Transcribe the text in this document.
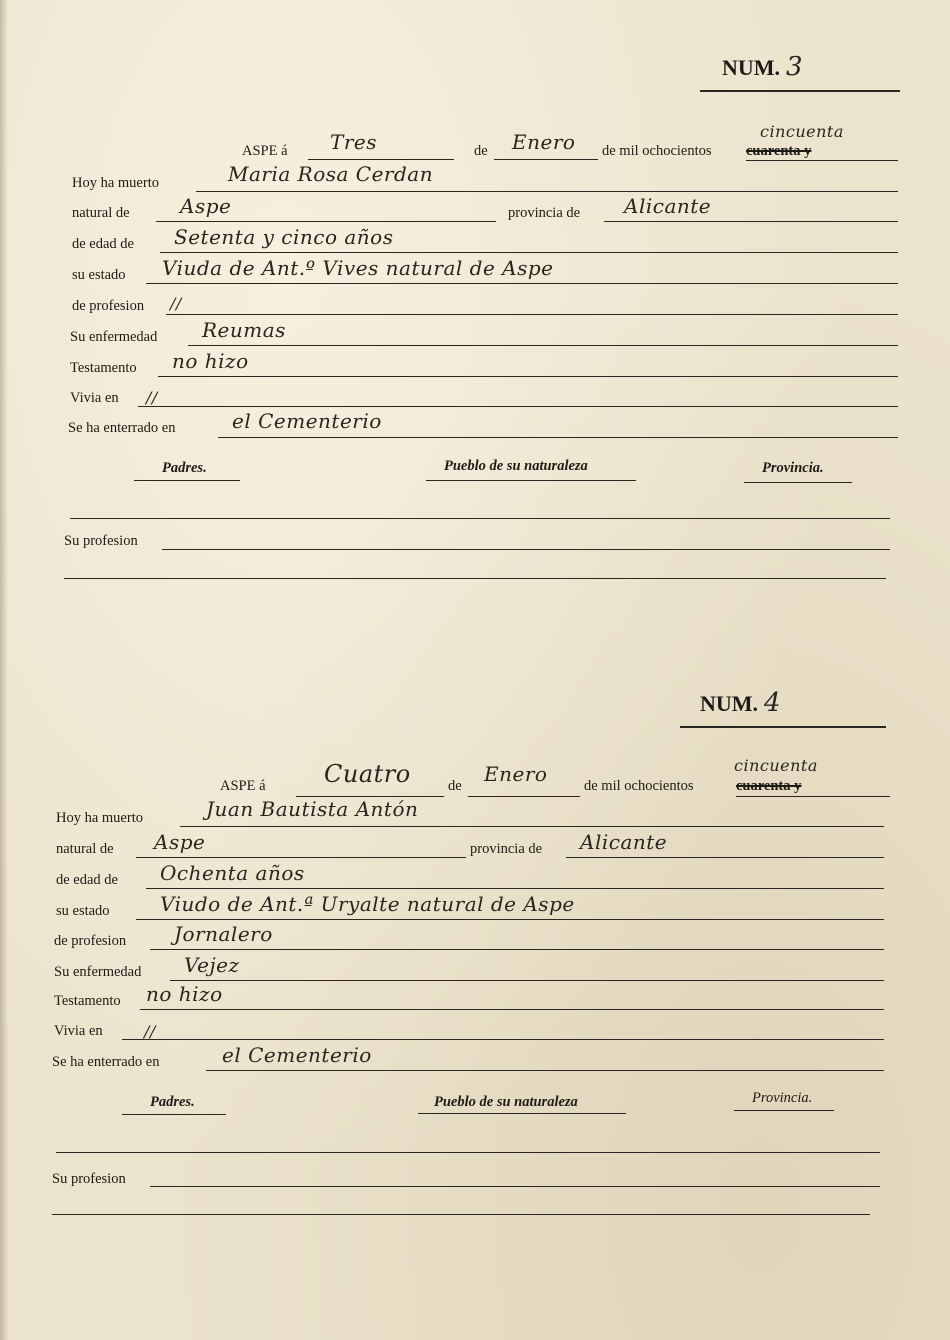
NUM. 3
ASPE á Tres	de Enero de mil ochocientos cuarenta y
cincuenta
Hoy ha muerto	Maria Rosa Cerdan
natural de	Aspe	provincia de Alicante
de edad de Setenta y cinco años
su estado Viuda de Ant.º Vives natural de Aspe
de profesion //
Su enfermedad Reumas
Testamento no hizo
Vivia en //
Se ha enterrado en	el Cementerio
Padres.	Pueblo de su naturaleza	Provincia.
Su profesion
NUM. 4
ASPE á Cuatro	de Enero	de mil ochocientos	cuarenta y
cincuenta
Hoy ha muerto	Juan Bautista Antón
natural de Aspe	provincia de Alicante
de edad de Ochenta años
su estado	Viudo de Ant.ª Uryalte natural de Aspe
de profesion Jornalero
Su enfermedad Vejez
Testamento no hizo
Vivia en	//
Se ha enterrado en	el Cementerio
Padres.	Pueblo de su naturaleza	Provincia.
Su profesion
